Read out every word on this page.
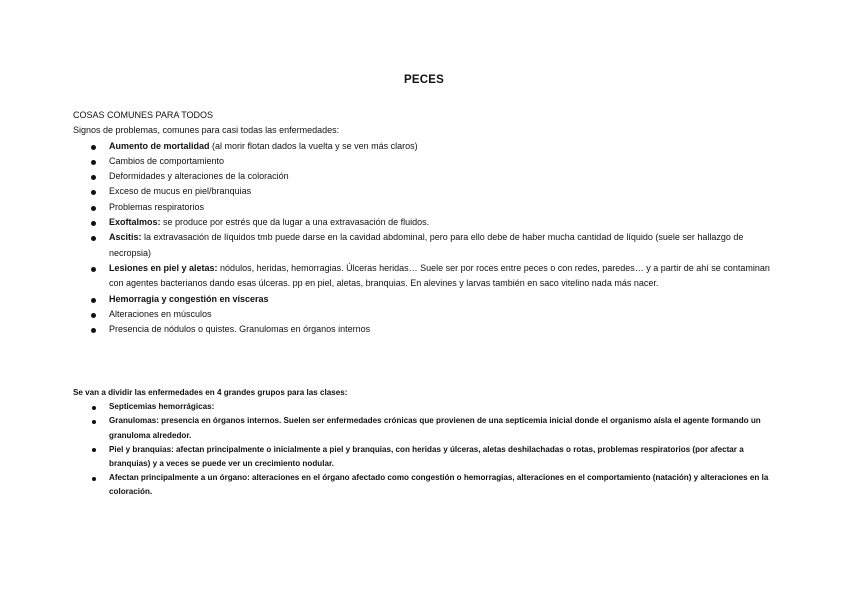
PECES
COSAS COMUNES PARA TODOS
Signos de problemas, comunes para casi todas las enfermedades:
Aumento de mortalidad (al morir flotan dados la vuelta y se ven más claros)
Cambios de comportamiento
Deformidades y alteraciones de la coloración
Exceso de mucus en piel/branquias
Problemas respiratorios
Exoftalmos: se produce por estrés que da lugar a una extravasación de fluidos.
Ascitis: la extravasación de líquidos tmb puede darse en la cavidad abdominal, pero para ello debe de haber mucha cantidad de líquido (suele ser hallazgo de necropsia)
Lesiones en piel y aletas: nódulos, heridas, hemorragias. Úlceras heridas… Suele ser por roces entre peces o con redes, paredes… y a partir de ahí se contaminan con agentes bacterianos dando esas úlceras. pp en piel, aletas, branquias. En alevines y larvas también en saco vitelino nada más nacer.
Hemorragia y congestión en vísceras
Alteraciones en músculos
Presencia de nódulos o quistes. Granulomas en órganos internos
Se van a dividir las enfermedades en 4 grandes grupos para las clases:
Septicemias hemorrágicas:
Granulomas: presencia en órganos internos. Suelen ser enfermedades crónicas que provienen de una septicemia inicial donde el organismo aísla el agente formando un granuloma alrededor.
Piel y branquias: afectan principalmente o inicialmente a piel y branquias, con heridas y úlceras, aletas deshilachadas o rotas, problemas respiratorios (por afectar a branquias) y a veces se puede ver un crecimiento nodular.
Afectan principalmente a un órgano: alteraciones en el órgano afectado como congestión o hemorragias, alteraciones en el comportamiento (natación) y alteraciones en la coloración.
